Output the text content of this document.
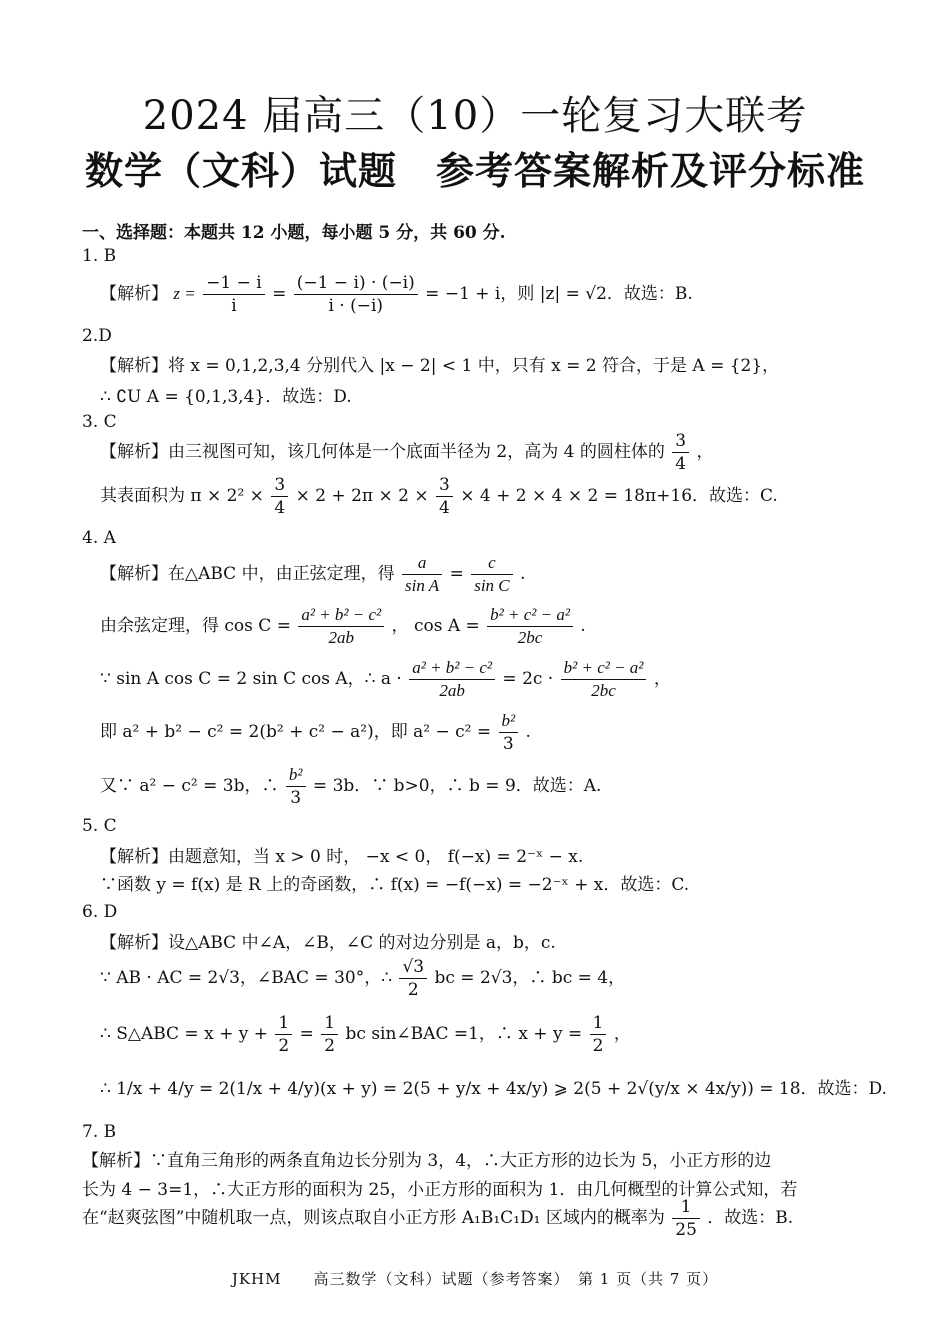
2024 届高三（10）一轮复习大联考
数学（文科）试题　参考答案解析及评分标准
一、选择题：本题共 12 小题，每小题 5 分，共 60 分.
1. B
【解析】 $z = \frac{-1 - i}{i} = \frac{(-1 - i) \cdot (-i)}{i \cdot (-i)} = -1 + i$，则 |z| = √2．故选：B.
2.D
【解析】将 x = 0,1,2,3,4 分别代入 |x − 2| < 1 中，只有 x = 2 符合，于是 A = {2}，
∴ ∁U A = {0,1,3,4}．故选：D.
3. C
【解析】由三视图可知，该几何体是一个底面半径为 2，高为 4 的圆柱体的 $\frac{3}{4}$ ，
其表面积为 $\pi \times 2^2 \times \frac{3}{4} \times 2 + 2\pi \times 2 \times \frac{3}{4} \times 4 + 2 \times 4 \times 2 = 18\pi+16$．故选：C.
4. A
【解析】在△ABC 中，由正弦定理，得 $\frac{a}{\text{sin A}} = \frac{c}{\text{sin C}}$ .
由余弦定理，得 $\cos C = \frac{\text{a² + b² − c²}}{2ab}$ ， $\cos A = \frac{\text{b² + c² − a²}}{2bc}$ .
∵ sin A cos C = 2 sin C cos A，∴ $a \cdot \frac{\text{a² + b² − c²}}{2ab} = 2c \cdot \frac{\text{b² + c² − a²}}{2bc}$ ，
即 a² + b² − c² = 2(b² + c² − a²)，即 $a^2 - c^2 = \frac{\text{b²}}{3}$ .
又∵ a² − c² = 3b，∴ $\frac{\text{b²}}{3} = 3b$．∵ b>0，∴ b = 9．故选：A.
5. C
【解析】由题意知，当 x > 0 时， −x < 0， f(−x) = 2⁻ˣ − x.
∵函数 y = f(x) 是 R 上的奇函数，∴ f(x) = −f(−x) = −2⁻ˣ + x．故选：C.
6. D
【解析】设△ABC 中∠A，∠B，∠C 的对边分别是 a，b，c.
∵ AB · AC = 2√3，∠BAC = 30°，∴ $\frac{√3}{2}$ bc = 2√3，∴ bc = 4，
∴ S△ABC = $x + y + \frac{1}{2} = \frac{1}{2}$ bc sin∠BAC =1，∴ $x + y = \frac{1}{2}$ ，
∴ 1/x + 4/y = 2(1/x + 4/y)(x + y) = 2(5 + y/x + 4x/y) ⩾ 2(5 + 2√(y/x × 4x/y)) = 18．故选：D.
7. B
【解析】∵直角三角形的两条直角边长分别为 3，4，∴大正方形的边长为 5，小正方形的边
长为 4 − 3=1，∴大正方形的面积为 25，小正方形的面积为 1．由几何概型的计算公式知，若
在“赵爽弦图”中随机取一点，则该点取自小正方形 A₁B₁C₁D₁ 区域内的概率为 $\frac{1}{25}$ ．故选：B.
JKHM　　高三数学（文科）试题（参考答案）　第 1 页（共 7 页）
